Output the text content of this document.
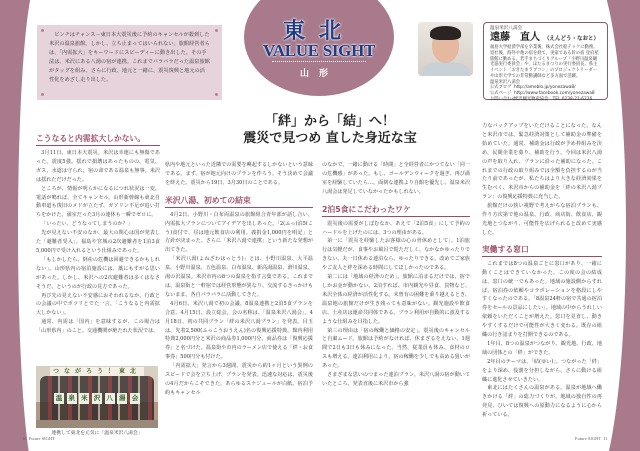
ピンチはチャンス－東日本大震災後に予約のキャンセルが殺到した米沢の温泉旅館。しかし、立ち止まってはいられない。旅館経営者らは、「内需拡大」をキーワードにスピーディーに動き出した。その手法は、米沢にある八湯の宿が連携。これまでバラバラだった温泉旅館がタッグを組み、さらに行政、地元と一緒に、震災復興と地元の活性化をめざし走り出した。

東北
VALUE SIGHT
山形
「絆」から「結」へ！
震災で見つめ 直した身近な宝
温泉米沢八湯会
遠藤　直人 （えんどう・なおと）
福島大学経済学部を卒業後、株式会社船テックに勤務。退社後、海外や他の宿を経て、実家である鈴の宿 登府屋旅館に勤める。若手まちづくりグループ「小野川温泉観光協実行委員会」や、ほたるまつりの実行委員長。県主イベント「おきたまラブコン」のプロジェクトリーダーや山形大学での非常勤講師など多方面で活躍。
温泉米沢八湯会
公式ブログ http://ameblo.jp/yonezawa8/
公式ページ http://www.facebook.com/yonezawa8
お問い合わせ米沢観光物産協会　TEL.0238-21-6226
こうなると内需拡大しかない。

3月11日、東日本大震災。米沢は幸運にも無傷であった。震度5強。揺れで損壊はあったものの、電気、ガス、水道は守られ、宿の命である温泉も無事。米沢は揺れただけだった。

ところが、情報が明らかになるにつれ状況は一変。電話が鳴れば、全てキャンセル。山形新幹線も東北自動車道も復旧のメドが立たず、ガソリン不足が追い打ちをかけた。満室だった3月の連休も一瞬でゼロに。

「いったい、どうなってしまうのか？」

先が見えない不安のなか、最大の関心は国が発表した「避難者受入」。福島や宮城の2次避難者を1泊3食5,000円で受け入れるという仕組みであった。

「もしかしたら、倒産の危機は回避できるかもしれない」。山形県内の宿泊施設には、藁にもすがる思いがあった。しかし、米沢への2次避難者は多くはなさそうだ、というのが行政の見方であった。

再び先の見えない不安感におそわれるなか、行政との会議の中でポツリとでた一言、「こうなると内需拡大しかない」。

通常、内需は「国内」を意味するが、この場合は「山形県内」のこと。交通機関が絶たれた状況では、

つながろう！東北
温 泉 米 沢 八 湯 会
連携して東北を元気に「温泉米沢八湯会」

県内や地元といった近隣での需要を喚起するしかないという意味である。まず、宿が地元向けのプランを作ろう。そう決めて会議を終えた。震災から19日、3月30日のことである。

米沢八湯、初めての結束

4月2日、小野川・白布両温泉の旅館組合青年部が話し合い、内需拡大プランについてアイデアを出しあった。「2(ふっ)泊5(こう)食付で、昼は地元飲食店の利用。義捐金1,000円を明記」と方針が決まった。さらに「米沢八湯で連携」という新たな発想が出てきた。

「米沢八湯(よねざわはっとう)」とは、小野川温泉、大平温泉、小野川温泉、五色温泉、白布温泉、新高湯温泉、滑川温泉、湯の沢温泉。米沢市内の8つの温泉を指す言葉である。これまでは、温泉街と一軒宿では経営形態が異なり、交流するきっかけもないまま、各自バラバラに活動してきた。

4月6日、米沢八湯で初の会議。8温泉連携と2泊5食プランを合意。4月15日、設立総会。会の名称は、「温泉米沢八湯会」。4月18日、初の共同プラン「絆の米沢八湯プラン」を発表。目玉は、先着2,500(ふっこうおうえん)名の復興応援特典。館内利用特典2,000円分と米沢の商品券1,000円分。商品券は「復興応援券」と名づけた。温泉街や市内のラーメン店で使える「絆・お食事券」500円分も付けた。

「内需拡大」発言から3週間、震災から約1ヶ月という異例のスピードで会を立ち上げ、プランを発表。迅速な対応は、震災後の4月だからこそできた。あらゆるスケジュールが白紙。宿泊予約もキャンセル

のなかで、一緒に動ける「時間」と全経営者にかつてない「同一の危機感」があった。もし、ゴールデンウィークを過ぎ、再び満室を経験していたら…。面倒な連携より自館を優先し、温泉米沢八湯会は発足していなかったかもしれない。

2泊5食にこだわったワケ

震災後の需要がしぼむなか、あえて「2泊5食」にして予約のハードルを上げたのには、3つの理由がある。

第一に「震災を経験したお客様の心の骨休めとして」。1泊旅行は気軽だが、食事やお風呂で慌ただしく、なかなかゆったりできない。丸一日休める連泊なら、ゆったりできる。改めてご家族やご友人と絆を深める時間にしてほしかったのである。

第二には「地域の経済のため」。旅館に泊まるだけでは、宿でしかお金が動かない。2泊すれば、市内観光や昼食、買物など、米沢全体の経済が活性化する。未曾有の困難を乗り越えるとき、温泉地の旅館だけが生き残っても意味がない。観光施設や飲食店、土産店は運命共同体である。プラン利用が自動的に波及するような仕組みを目指した。

第三の理由は「宿の稼働と価格の安定」。震災後のキャンセルと自粛ムード。旅館は予約がなければ、休まざるをえない。1週間で2日も3日も休みになった。当然、従業員も休み、食材のロスも増える。連泊利用により、宿の稼働を少しでも高める狙いがあった。

さまざまな思いのつまった連泊プラン。米沢八湯の宿が動いていたところ、発表直後に米沢市から強

力なバックアップをいただけることになった。なんと米沢市では、緊急経済対策として補助金の準備を始めていた。通常、補助金は行政が予め枠組みを決め、民間企業を募り、補助を行う。今回は米沢八湯の声を取り入れ、プランに沿った補助になった。これまでの行政の取り組みでは全額を負担するのが当たり前であったが、私たちはより大きな経済効果を生むべく、米沢市からの補助金を「絆の米沢八湯プラン」の復興応援特典に充当した。

旅館だけの狭い視野で考えがちな宿泊プランも、作り方次第で他の温泉、行政、商店街、飲食店、観光地とつながり、可能性を広げられると改めて実感した。

実働する窓口

これまでは8つの温泉ごとに窓口があり、一緒に動くことはできていなかった。この度の会の結成は、窓口の統一でもあった。地域の施設側からすれば、宿泊券の依頼やコラボレーションを格段にしやすくなったのである。「8温泉24軒の宿で共通の宿泊券をセールの景品にしたい」。地域の中からうれしい依頼をいただくことが増えた。窓口を見直し、動きやすくするだけで可能性が大きく変わる。既存の組織の行き詰まりを打開できるのである。

1年目、8つの温泉がつながり、観光地、行政、地域の団体との「絆」ができた。

2年目のテーマは、「結(ゆい)」。つながった「絆」をより深め、役割を分担しながら、さらに動ける組織に進化させていきたい。

東北にはたくさんの温泉がある。温泉が地域へ働きかける「絆」の総力づくりが、地域の独自性の再発見、ひいては復興への原動力になるように心から祈っている。

10 Future SIGHT	Future SIGHT 11
